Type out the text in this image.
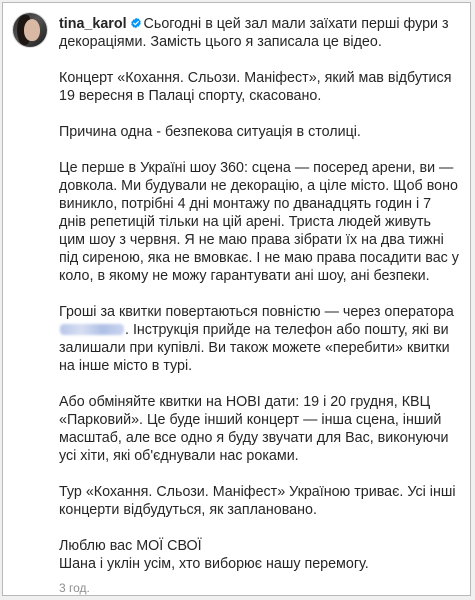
tina_karol Сьогодні в цей зал мали заїхати перші фури з декораціями. Замість цього я записала це відео.

Концерт «Кохання. Сльози. Маніфест», який мав відбутися 19 вересня в Палаці спорту, скасовано.

Причина одна - безпекова ситуація в столиці.

Це перше в Україні шоу 360: сцена — посеред арени, ви — довкола. Ми будували не декорацію, а ціле місто. Щоб воно виникло, потрібні 4 дні монтажу по дванадцять годин і 7 днів репетицій тільки на цій арені. Триста людей живуть цим шоу з червня. Я не маю права зібрати їх на два тижні під сиреною, яка не вмовкає. І не маю права посадити вас у коло, в якому не можу гарантувати ані шоу, ані безпеки.

Гроші за квитки повертаються повністю — через оператора . Інструкція прийде на телефон або пошту, які ви залишали при купівлі. Ви також можете «перебити» квитки на інше місто в турі.

Або обміняйте квитки на НОВІ дати: 19 і 20 грудня, КВЦ «Парковий». Це буде інший концерт — інша сцена, інший масштаб, але все одно я буду звучати для Вас, виконуючи усі хіти, які об'єднували нас роками.

Тур «Кохання. Сльози. Маніфест» Україною триває. Усі інші концерти відбудуться, як заплановано.

Люблю вас МОЇ СВОЇ
Шана і уклін усім, хто виборює нашу перемогу.

3 год.
